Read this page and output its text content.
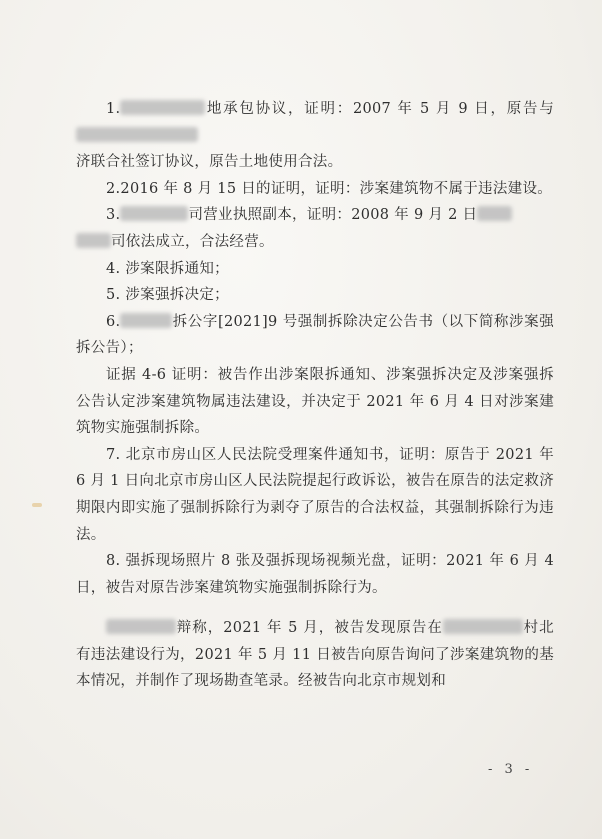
1.	地承包协议，证明：2007 年 5 月 9 日，原告与
济联合社签订协议，原告土地使用合法。

2.2016 年 8 月 15 日的证明，证明：涉案建筑物不属于违法建设。

3.	司营业执照副本，证明：2008 年 9 月 2 日
司依法成立，合法经营。

4. 涉案限拆通知；

5. 涉案强拆决定；

6.	拆公字[2021]9 号强制拆除决定公告书（以下简称涉案强拆公告）；

证据 4-6 证明：被告作出涉案限拆通知、涉案强拆决定及涉案强拆公告认定涉案建筑物属违法建设，并决定于 2021 年 6 月 4 日对涉案建筑物实施强制拆除。

7. 北京市房山区人民法院受理案件通知书，证明：原告于 2021 年 6 月 1 日向北京市房山区人民法院提起行政诉讼，被告在原告的法定救济期限内即实施了强制拆除行为剥夺了原告的合法权益，其强制拆除行为违法。

8. 强拆现场照片 8 张及强拆现场视频光盘，证明：2021 年 6 月 4 日，被告对原告涉案建筑物实施强制拆除行为。

辩称，2021 年 5 月，被告发现原告在	村北有违法建设行为，2021 年 5 月 11 日被告向原告询问了涉案建筑物的基本情况，并制作了现场勘查笔录。经被告向北京市规划和

- 3 -
